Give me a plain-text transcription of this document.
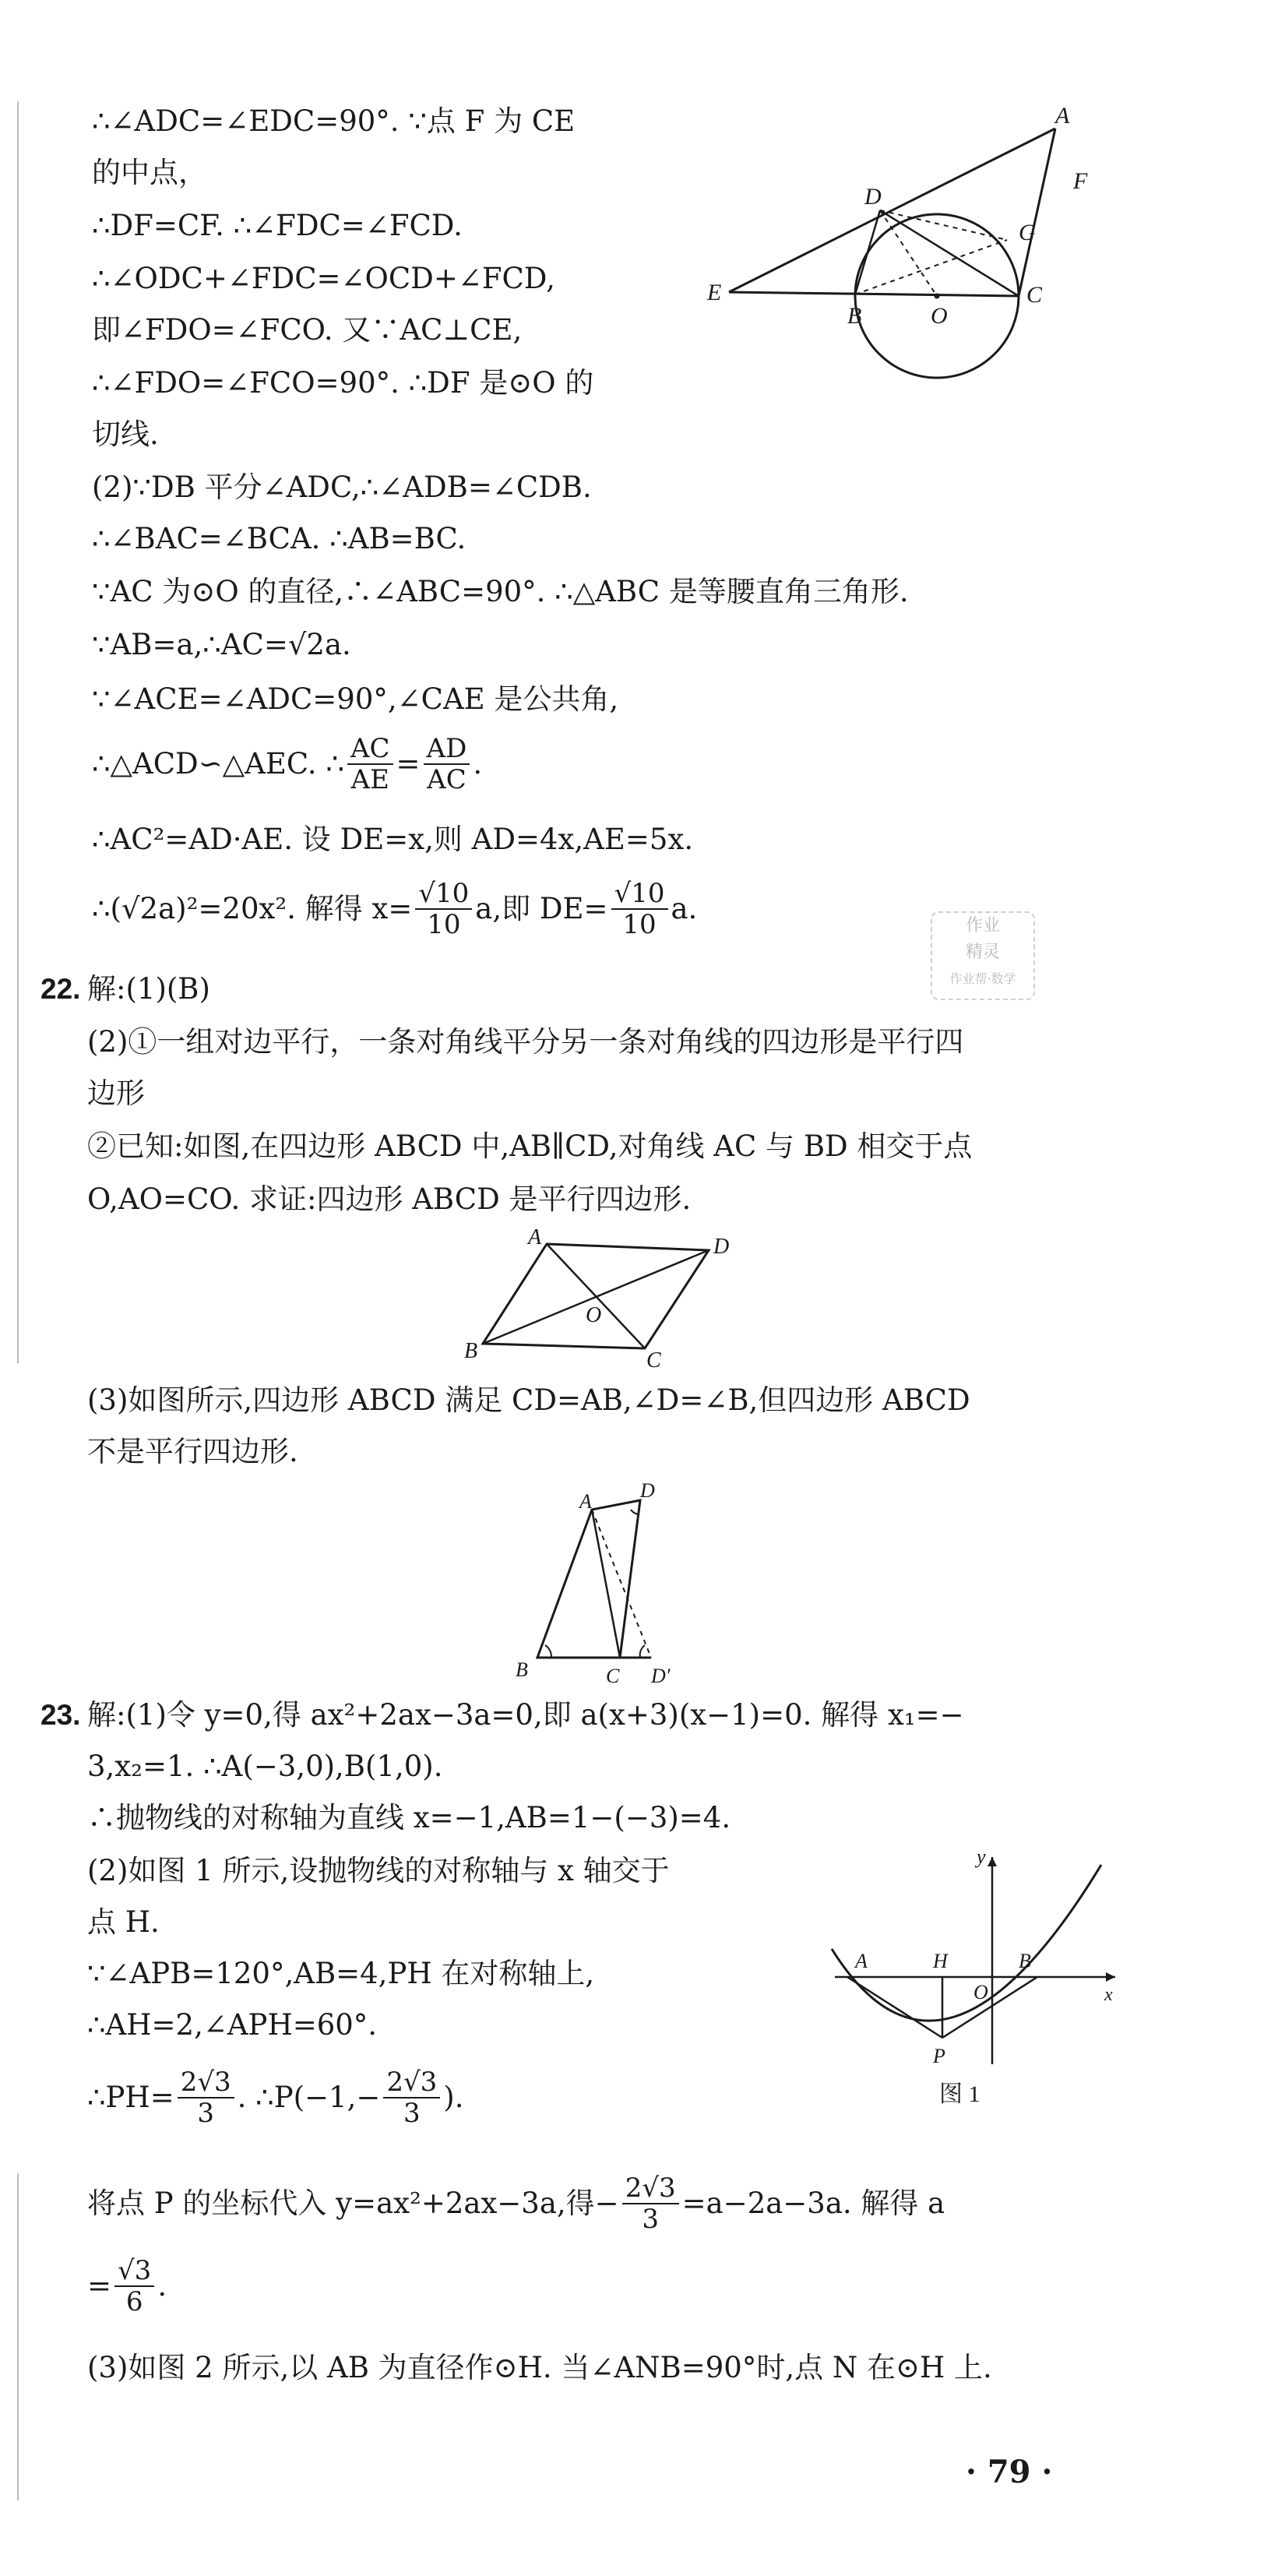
∴∠ADC=∠EDC=90°. ∵点 F 为 CE
的中点，
∴DF=CF. ∴∠FDC=∠FCD.
∴∠ODC+∠FDC=∠OCD+∠FCD,
即∠FDO=∠FCO. 又∵AC⊥CE,
∴∠FDO=∠FCO=90°. ∴DF 是⊙O 的
切线.
(2)∵DB 平分∠ADC,∴∠ADB=∠CDB.
∴∠BAC=∠BCA. ∴AB=BC.
∵AC 为⊙O 的直径,∴∠ABC=90°. ∴△ABC 是等腰直角三角形.
∵AB=a,∴AC=√2a.
∵∠ACE=∠ADC=90°,∠CAE 是公共角,
∴△ACD∽△AEC. ∴ $\frac{AC}{AE} = \frac{AD}{AC}$ .
∴AC²=AD·AE. 设 DE=x,则 AD=4x,AE=5x.
∴(√2a)²=20x². 解得 $x= \frac{√10}{10} a$,即 $DE= \frac{√10}{10} a$.
A
D
F
G
E
B	O
C
作业
精灵
作业帮·数学
22. 解:(1)(B)
(2)①一组对边平行，一条对角线平分另一条对角线的四边形是平行四
边形
②已知:如图,在四边形 ABCD 中,AB∥CD,对角线 AC 与 BD 相交于点
O,AO=CO. 求证:四边形 ABCD 是平行四边形.
A	D
B	C
O
(3)如图所示,四边形 ABCD 满足 CD=AB,∠D=∠B,但四边形 ABCD
不是平行四边形.
A D
B	C D′
23. 解:(1)令 y=0,得 ax²+2ax−3a=0,即 a(x+3)(x−1)=0. 解得 x₁=−
3,x₂=1. ∴A(−3,0),B(1,0).
∴抛物线的对称轴为直线 x=−1,AB=1−(−3)=4.
(2)如图 1 所示,设抛物线的对称轴与 x 轴交于
点 H.
∵∠APB=120°,AB=4,PH 在对称轴上,
∴AH=2,∠APH=60°.
∴PH= $\frac{2√3}{3}$ . ∴P(−1,− $\frac{2√3}{3}$ ).
y
x
A	H	B
O
P
图 1
将点 P 的坐标代入 y=ax²+2ax−3a,得− $\frac{2√3}{3} =a-2a-3a$. 解得 a
= $\frac{√3}{6}$ .
(3)如图 2 所示,以 AB 为直径作⊙H. 当∠ANB=90°时,点 N 在⊙H 上.
· 79 ·
